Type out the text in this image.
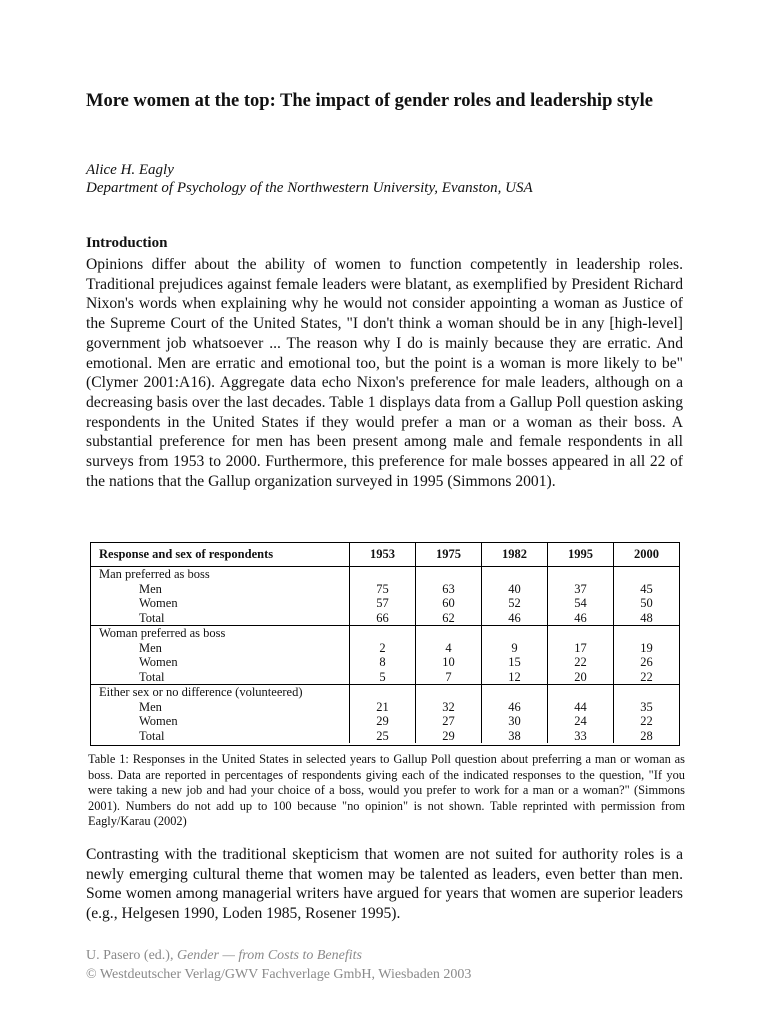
More women at the top: The impact of gender roles and leadership style

Alice H. Eagly

Department of Psychology of the Northwestern University, Evanston, USA

Introduction

Opinions differ about the ability of women to function competently in leadership roles. Traditional prejudices against female leaders were blatant, as exemplified by President Richard Nixon's words when explaining why he would not consider appointing a woman as Justice of the Supreme Court of the United States, "I don't think a woman should be in any [high-level] government job whatsoever ... The reason why I do is mainly because they are erratic. And emotional. Men are erratic and emotional too, but the point is a woman is more likely to be" (Clymer 2001:A16). Aggregate data echo Nixon's preference for male leaders, although on a decreasing basis over the last decades. Table 1 displays data from a Gallup Poll question asking respondents in the United States if they would prefer a man or a woman as their boss. A substantial preference for men has been present among male and female respondents in all surveys from 1953 to 2000. Furthermore, this preference for male bosses appeared in all 22 of the nations that the Gallup organization surveyed in 1995 (Simmons 2001).

Response and sex of respondents	1953	1975	1982	1995	2000
Man preferred as boss					
Men	75	63	40	37	45
Women	57	60	52	54	50
Total	66	62	46	46	48
Woman preferred as boss					
Men	2	4	9	17	19
Women	8	10	15	22	26
Total	5	7	12	20	22
Either sex or no difference (volunteered)					
Men	21	32	46	44	35
Women	29	27	30	24	22
Total	25	29	38	33	28

Table 1: Responses in the United States in selected years to Gallup Poll question about preferring a man or woman as boss. Data are reported in percentages of respondents giving each of the indicated responses to the question, "If you were taking a new job and had your choice of a boss, would you prefer to work for a man or a woman?" (Simmons 2001). Numbers do not add up to 100 because "no opinion" is not shown. Table reprinted with permission from Eagly/Karau (2002)

Contrasting with the traditional skepticism that women are not suited for authority roles is a newly emerging cultural theme that women may be talented as leaders, even better than men. Some women among managerial writers have argued for years that women are superior leaders (e.g., Helgesen 1990, Loden 1985, Rosener 1995).

U. Pasero (ed.), Gender — from Costs to Benefits
© Westdeutscher Verlag/GWV Fachverlage GmbH, Wiesbaden 2003
